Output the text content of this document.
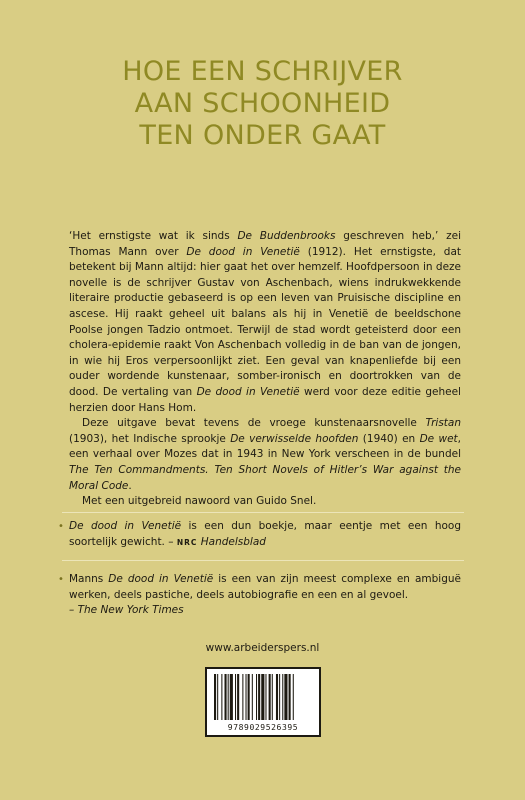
HOE EEN SCHRIJVER
AAN SCHOONHEID
TEN ONDER GAAT

‘Het ernstigste wat ik sinds De Buddenbrooks geschreven heb,’ zei Thomas Mann over De dood in Venetië (1912). Het ernstigste, dat betekent bij Mann altijd: hier gaat het over hemzelf. Hoofdpersoon in deze novelle is de schrijver Gustav von Aschenbach, wiens indrukwekkende literaire productie gebaseerd is op een leven van Pruisische discipline en ascese. Hij raakt geheel uit balans als hij in Venetië de beeldschone Poolse jongen Tadzio ontmoet. Terwijl de stad wordt geteisterd door een cholera-epidemie raakt Von Aschenbach volledig in de ban van de jongen, in wie hij Eros verpersoonlijkt ziet. Een geval van knapenliefde bij een ouder wordende kunstenaar, somber-ironisch en doortrokken van de dood. De vertaling van De dood in Venetië werd voor deze editie geheel herzien door Hans Hom.

Deze uitgave bevat tevens de vroege kunstenaarsnovelle Tristan (1903), het Indische sprookje De verwisselde hoofden (1940) en De wet, een verhaal over Mozes dat in 1943 in New York verscheen in de bundel The Ten Commandments. Ten Short Novels of Hitler’s War against the Moral Code.

Met een uitgebreid nawoord van Guido Snel.

• De dood in Venetië is een dun boekje, maar eentje met een hoog soortelijk gewicht. – NRC Handelsblad
• Manns De dood in Venetië is een van zijn meest complexe en ambiguë werken, deels pastiche, deels autobiografie en een en al gevoel.
– The New York Times
www.arbeiderspers.nl
9789029526395
